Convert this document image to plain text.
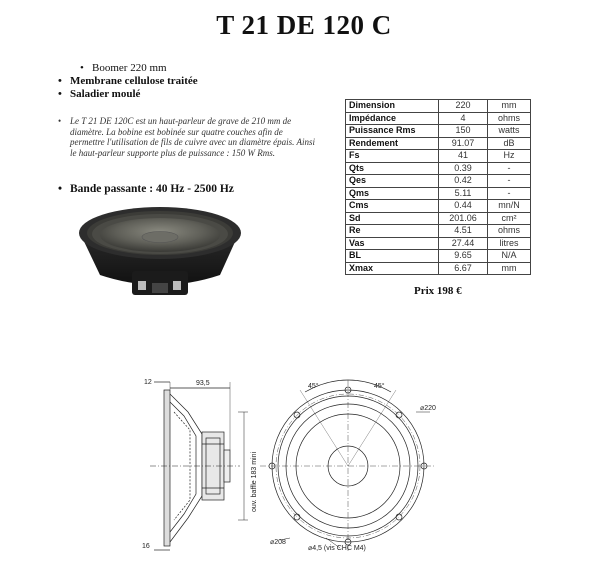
T 21 DE 120 C
• Boomer 220 mm
• Membrane cellulose traitée
• Saladier moulé
• Le T 21 DE 120C est un haut-parleur de grave de 210 mm de diamètre. La bobine est bobinée sur quatre couches afin de permettre l'utilisation de fils de cuivre avec un diamètre épais. Ainsi le haut-parleur supporte plus de puissance : 150 W Rms.
• Bande passante : 40 Hz - 2500 Hz
Dimension	220	mm
Impédance	4	ohms
Puissance Rms	150	watts
Rendement	91.07	dB
Fs	41	Hz
Qts	0.39	-
Qes	0.42	-
Qms	5.11	-
Cms	0.44	mn/N
Sd	201.06	cm²
Re	4.51	ohms
Vas	27.44	litres
BL	9.65	N/A
Xmax	6.67	mm
Prix 198 €
12	93,5
16
ouv. baffle 183 mini
45°	45°
⌀220
⌀208
⌀4,5 (vis CHC M4)
